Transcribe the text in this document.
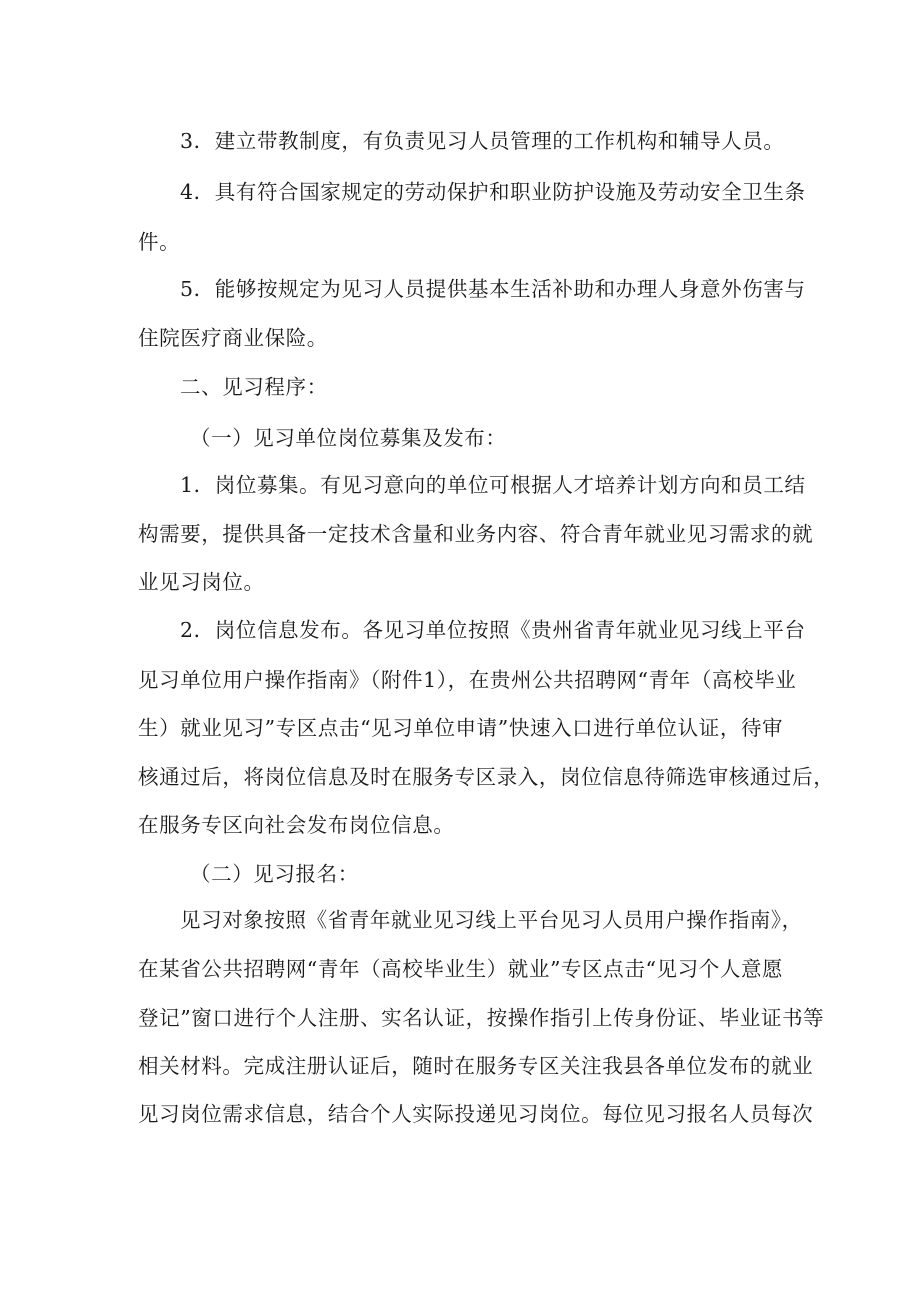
3．建立带教制度，有负责见习人员管理的工作机构和辅导人员。

4．具有符合国家规定的劳动保护和职业防护设施及劳动安全卫生条

件。

5．能够按规定为见习人员提供基本生活补助和办理人身意外伤害与

住院医疗商业保险。

二、见习程序：

（一）见习单位岗位募集及发布：

1．岗位募集。有见习意向的单位可根据人才培养计划方向和员工结

构需要，提供具备一定技术含量和业务内容、符合青年就业见习需求的就

业见习岗位。

2．岗位信息发布。各见习单位按照《贵州省青年就业见习线上平台

见习单位用户操作指南》（附件1），在贵州公共招聘网“青年（高校毕业

生）就业见习”专区点击“见习单位申请”快速入口进行单位认证，待审

核通过后，将岗位信息及时在服务专区录入，岗位信息待筛选审核通过后，

在服务专区向社会发布岗位信息。

（二）见习报名：

见习对象按照《省青年就业见习线上平台见习人员用户操作指南》，

在某省公共招聘网“青年（高校毕业生）就业”专区点击“见习个人意愿

登记”窗口进行个人注册、实名认证，按操作指引上传身份证、毕业证书等

相关材料。完成注册认证后，随时在服务专区关注我县各单位发布的就业

见习岗位需求信息，结合个人实际投递见习岗位。每位见习报名人员每次
